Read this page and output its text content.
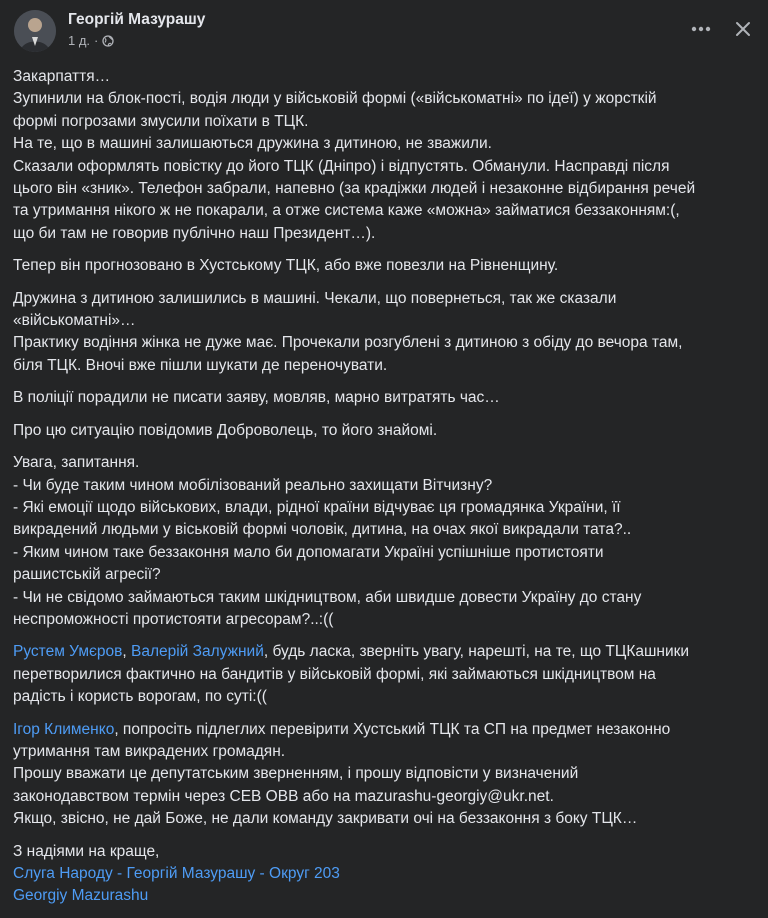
Георгій Мазурашу
1 д. ·
Закарпаття…
Зупинили на блок-пості, водія люди у військовій формі («військоматні» по ідеї) у жорсткій
формі погрозами змусили поїхати в ТЦК.
На те, що в машині залишаються дружина з дитиною, не зважили.
Сказали оформлять повістку до його ТЦК (Дніпро) і відпустять. Обманули. Насправді після
цього він «зник». Телефон забрали, напевно (за крадіжки людей і незаконне відбирання речей
та утримання нікого ж не покарали, а отже система каже «можна» займатися беззаконням:(,
що би там не говорив публічно наш Президент…).
Тепер він прогнозовано в Хустському ТЦК, або вже повезли на Рівненщину.
Дружина з дитиною залишились в машині. Чекали, що повернеться, так же сказали
«військоматні»…
Практику водіння жінка не дуже має. Прочекали розгублені з дитиною з обіду до вечора там,
біля ТЦК. Вночі вже пішли шукати де переночувати.
В поліції порадили не писати заяву, мовляв, марно витратять час…
Про цю ситуацію повідомив Доброволець, то його знайомі.
Увага, запитання.
- Чи буде таким чином мобілізований реально захищати Вітчизну?
- Які емоції щодо військових, влади, рідної країни відчуває ця громадянка України, її
викрадений людьми у віськовій формі чоловік, дитина, на очах якої викрадали тата?..
- Яким чином таке беззаконня мало би допомагати Україні успішніше протистояти
рашистській агресії?
- Чи не свідомо займаються таким шкідництвом, аби швидше довести Україну до стану
неспроможності протистояти агресорам?..:((
Рустем Умєров, Валерій Залужний, будь ласка, зверніть увагу, нарешті, на те, що ТЦКашники
перетворилися фактично на бандитів у військовій формі, які займаються шкідництвом на
радість і користь ворогам, по суті:((
Ігор Клименко, попросіть підлеглих перевірити Хустський ТЦК та СП на предмет незаконно
утримання там викрадених громадян.
Прошу вважати це депутатським зверненням, і прошу відповісти у визначений
законодавством термін через СЕВ ОВВ або на mazurashu-georgiy@ukr.net.
Якщо, звісно, не дай Боже, не дали команду закривати очі на беззаконня з боку ТЦК…
З надіями на краще,
Слуга Народу - Георгій Мазурашу - Округ 203
Georgiy Mazurashu
